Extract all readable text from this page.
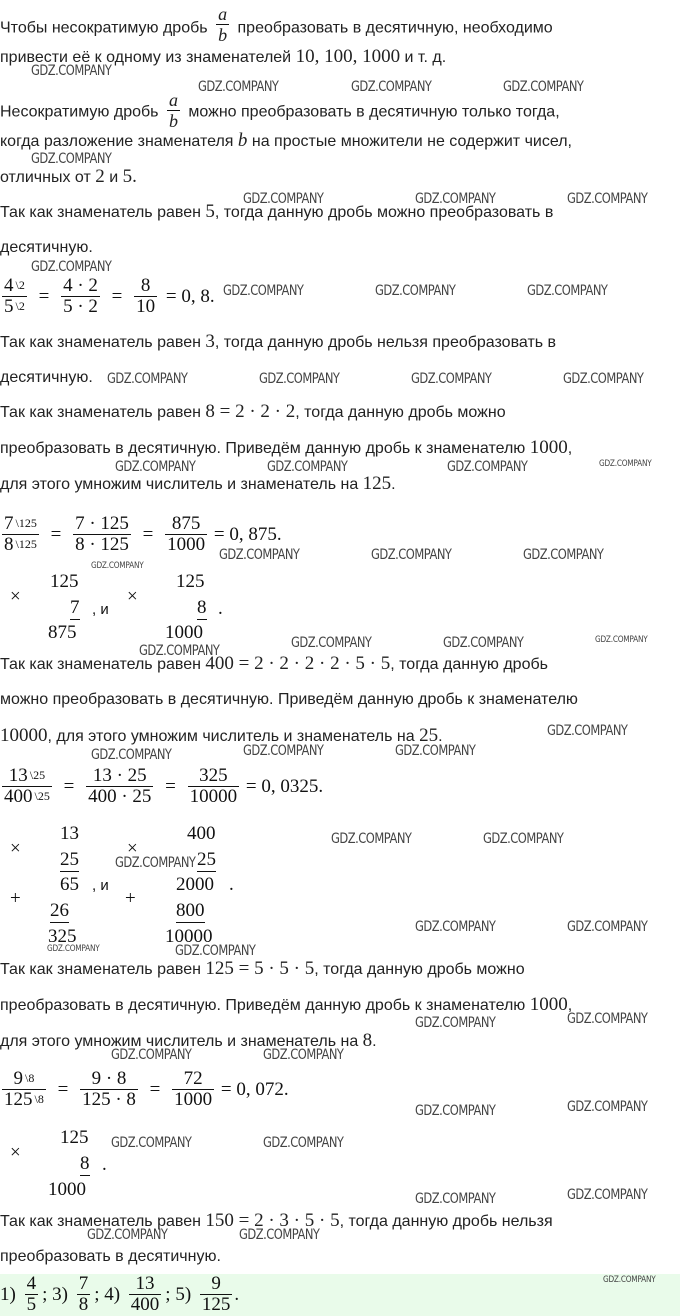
Чтобы несократимую дробь $\frac{a}{b}$ преобразовать в десятичную, необходимо
привести её к одному из знаменателей 10, 100, 1000 и т. д.
Несократимую дробь $\frac{a}{b}$ можно преобразовать в десятичную только тогда,
когда разложение знаменателя b на простые множители не содержит чисел,
отличных от 2 и 5.
Так как знаменатель равен 5, тогда данную дробь можно преобразовать в
десятичную.
$\frac{4 ^{\backslash 2}}{5 ^{\backslash 2}} = \frac{4 \cdot 2}{5 \cdot 2} = \frac{8}{10} = 0$, 8.
Так как знаменатель равен 3, тогда данную дробь нельзя преобразовать в
десятичную.
Так как знаменатель равен 8 = 2 · 2 · 2, тогда данную дробь можно
преобразовать в десятичную. Приведём данную дробь к знаменателю 1000,
для этого умножим числитель и знаменатель на 125.
$\frac{7 ^{\backslash 125}}{8 ^{\backslash 125}} = \frac{7 \cdot 125}{8 \cdot 125} = \frac{875}{1000} = 0$, 875.
×
125
7
875
, и
×
125
8
1000
.
Так как знаменатель равен 400 = 2 · 2 · 2 · 2 · 5 · 5, тогда данную дробь
можно преобразовать в десятичную. Приведём данную дробь к знаменателю
10000, для этого умножим числитель и знаменатель на 25.
$\frac{13 ^{\backslash 25}}{400 ^{\backslash 25}} = \frac{13 \cdot 25}{400 \cdot 25} = \frac{325}{10000} = 0$, 0325.
×
13
25
65
+
26
325
, и
×
400
25
2000
+
800
10000
.
Так как знаменатель равен 125 = 5 · 5 · 5, тогда данную дробь можно
преобразовать в десятичную. Приведём данную дробь к знаменателю 1000,
для этого умножим числитель и знаменатель на 8.
$\frac{9 ^{\backslash 8}}{125 ^{\backslash 8}} = \frac{9 \cdot 8}{125 \cdot 8} = \frac{72}{1000} = 0$, 072.
×
125
8
1000
.
Так как знаменатель равен 150 = 2 · 3 · 5 · 5, тогда данную дробь нельзя
преобразовать в десятичную.
$1) \frac{4}{5}$ ; $3) \frac{7}{8}$ ; $4) \frac{13}{400}$ ; $5) \frac{9}{125}$ .
GDZ.COMPANY
GDZ.COMPANY	GDZ.COMPANY	GDZ.COMPANY
GDZ.COMPANY
GDZ.COMPANY	GDZ.COMPANY	GDZ.COMPANY
GDZ.COMPANY
GDZ.COMPANY	GDZ.COMPANY	GDZ.COMPANY
GDZ.COMPANY	GDZ.COMPANY	GDZ.COMPANY	GDZ.COMPANY
GDZ.COMPANY	GDZ.COMPANY	GDZ.COMPANY	GDZ.COMPANY
GDZ.COMPANY	GDZ.COMPANY	GDZ.COMPANY
GDZ.COMPANY
GDZ.COMPANY	GDZ.COMPANY	GDZ.COMPANY
GDZ.COMPANY
GDZ.COMPANY
GDZ.COMPANY	GDZ.COMPANY
GDZ.COMPANY
GDZ.COMPANY	GDZ.COMPANY
GDZ.COMPANY
GDZ.COMPANY	GDZ.COMPANY
GDZ.COMPANY	GDZ.COMPANY
GDZ.COMPANY
GDZ.COMPANY
GDZ.COMPANY	GDZ.COMPANY
GDZ.COMPANY	GDZ.COMPANY
GDZ.COMPANY	GDZ.COMPANY
GDZ.COMPANY	GDZ.COMPANY
GDZ.COMPANY	GDZ.COMPANY
GDZ.COMPANY
